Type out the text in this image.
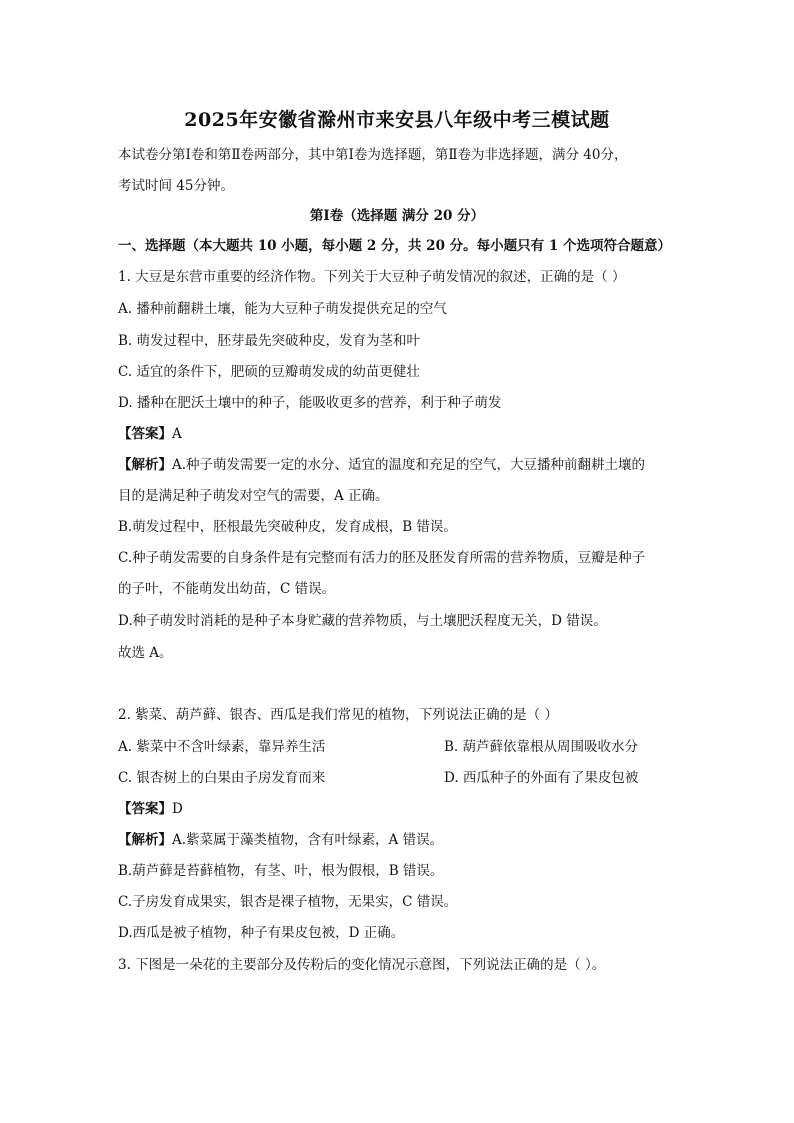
2025年安徽省滁州市来安县八年级中考三模试题
本试卷分第Ⅰ卷和第Ⅱ卷两部分，其中第Ⅰ卷为选择题，第Ⅱ卷为非选择题，满分 40分，
考试时间 45分钟。
第Ⅰ卷（选择题 满分 20 分）
一、选择题（本大题共 10 小题，每小题 2 分，共 20 分。每小题只有 1 个选项符合题意）
1. 大豆是东营市重要的经济作物。下列关于大豆种子萌发情况的叙述，正确的是（ ）
A. 播种前翻耕土壤，能为大豆种子萌发提供充足的空气
B. 萌发过程中，胚芽最先突破种皮，发育为茎和叶
C. 适宜的条件下，肥硕的豆瓣萌发成的幼苗更健壮
D. 播种在肥沃土壤中的种子，能吸收更多的营养，利于种子萌发
【答案】A
【解析】A.种子萌发需要一定的水分、适宜的温度和充足的空气，大豆播种前翻耕土壤的
目的是满足种子萌发对空气的需要，A 正确。
B.萌发过程中，胚根最先突破种皮，发育成根，B 错误。
C.种子萌发需要的自身条件是有完整而有活力的胚及胚发育所需的营养物质，豆瓣是种子
的子叶，不能萌发出幼苗，C 错误。
D.种子萌发时消耗的是种子本身贮藏的营养物质，与土壤肥沃程度无关，D 错误。
故选 A。
2. 紫菜、葫芦藓、银杏、西瓜是我们常见的植物，下列说法正确的是（ ）
A. 紫菜中不含叶绿素，靠异养生活	B. 葫芦藓依靠根从周围吸收水分
C. 银杏树上的白果由子房发育而来	D. 西瓜种子的外面有了果皮包被
【答案】D
【解析】A.紫菜属于藻类植物，含有叶绿素，A 错误。
B.葫芦藓是苔藓植物，有茎、叶，根为假根，B 错误。
C.子房发育成果实，银杏是裸子植物，无果实，C 错误。
D.西瓜是被子植物，种子有果皮包被，D 正确。
3. 下图是一朵花的主要部分及传粉后的变化情况示意图，下列说法正确的是（ ）。
